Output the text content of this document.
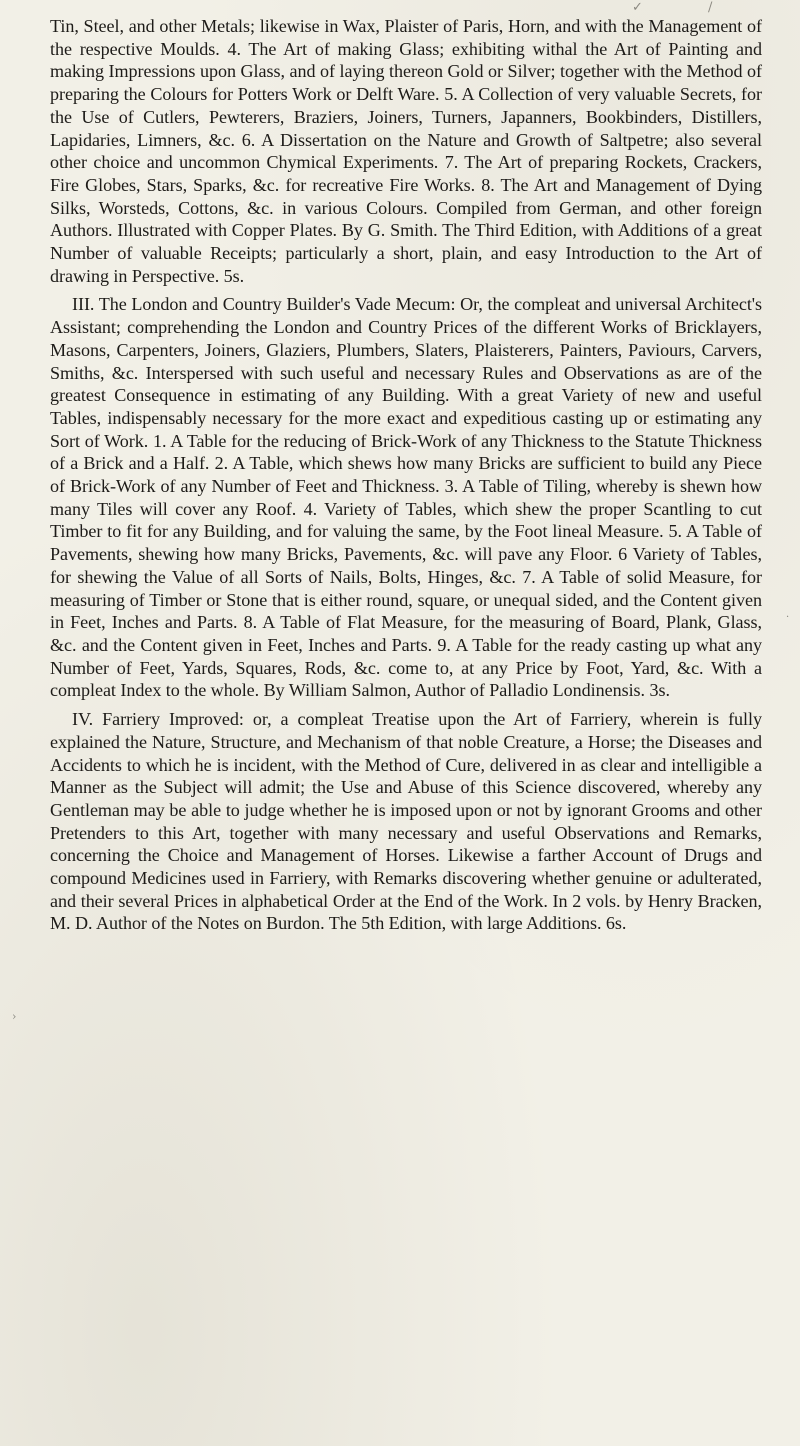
✓	/
›
·

Tin, Steel, and other Metals; likewise in Wax, Plaister of Paris, Horn, and with the Management of the respective Moulds. 4. The Art of making Glass; exhibiting withal the Art of Painting and making Impressions upon Glass, and of laying thereon Gold or Silver; together with the Method of preparing the Colours for Potters Work or Delft Ware. 5. A Collection of very valuable Secrets, for the Use of Cutlers, Pewterers, Braziers, Joiners, Turners, Japanners, Bookbinders, Distillers, Lapidaries, Limners, &c. 6. A Dissertation on the Nature and Growth of Saltpetre; also several other choice and uncommon Chymical Experiments. 7. The Art of preparing Rockets, Crackers, Fire Globes, Stars, Sparks, &c. for recreative Fire Works. 8. The Art and Management of Dying Silks, Worsteds, Cottons, &c. in various Colours. Compiled from German, and other foreign Authors. Illustrated with Copper Plates. By G. Smith. The Third Edition, with Additions of a great Number of valuable Receipts; particularly a short, plain, and easy Introduction to the Art of drawing in Perspective. 5s.

III. The London and Country Builder's Vade Mecum: Or, the compleat and universal Architect's Assistant; comprehending the London and Country Prices of the different Works of Bricklayers, Masons, Carpenters, Joiners, Glaziers, Plumbers, Slaters, Plaisterers, Painters, Paviours, Carvers, Smiths, &c. Interspersed with such useful and necessary Rules and Observations as are of the greatest Consequence in estimating of any Building. With a great Variety of new and useful Tables, indispensably necessary for the more exact and expeditious casting up or estimating any Sort of Work. 1. A Table for the reducing of Brick-Work of any Thickness to the Statute Thickness of a Brick and a Half. 2. A Table, which shews how many Bricks are sufficient to build any Piece of Brick-Work of any Number of Feet and Thickness. 3. A Table of Tiling, whereby is shewn how many Tiles will cover any Roof. 4. Variety of Tables, which shew the proper Scantling to cut Timber to fit for any Building, and for valuing the same, by the Foot lineal Measure. 5. A Table of Pavements, shewing how many Bricks, Pavements, &c. will pave any Floor. 6 Variety of Tables, for shewing the Value of all Sorts of Nails, Bolts, Hinges, &c. 7. A Table of solid Measure, for measuring of Timber or Stone that is either round, square, or unequal sided, and the Content given in Feet, Inches and Parts. 8. A Table of Flat Measure, for the measuring of Board, Plank, Glass, &c. and the Content given in Feet, Inches and Parts. 9. A Table for the ready casting up what any Number of Feet, Yards, Squares, Rods, &c. come to, at any Price by Foot, Yard, &c. With a compleat Index to the whole. By William Salmon, Author of Palladio Londinensis. 3s.

IV. Farriery Improved: or, a compleat Treatise upon the Art of Farriery, wherein is fully explained the Nature, Structure, and Mechanism of that noble Creature, a Horse; the Diseases and Accidents to which he is incident, with the Method of Cure, delivered in as clear and intelligible a Manner as the Subject will admit; the Use and Abuse of this Science discovered, whereby any Gentleman may be able to judge whether he is imposed upon or not by ignorant Grooms and other Pretenders to this Art, together with many necessary and useful Observations and Remarks, concerning the Choice and Management of Horses. Likewise a farther Account of Drugs and compound Medicines used in Farriery, with Remarks discovering whether genuine or adulterated, and their several Prices in alphabetical Order at the End of the Work. In 2 vols. by Henry Bracken, M. D. Author of the Notes on Burdon. The 5th Edition, with large Additions. 6s.
